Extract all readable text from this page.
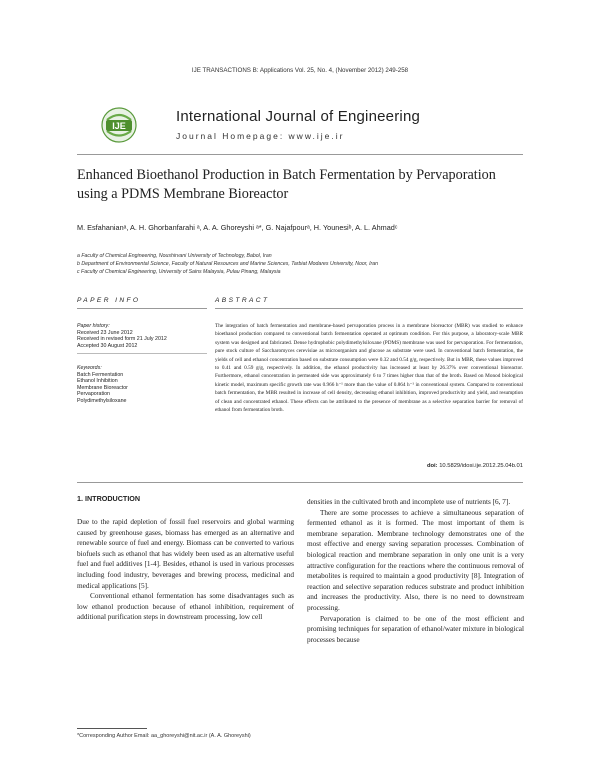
IJE TRANSACTIONS B: Applications Vol. 25, No. 4, (November 2012) 249-258
IJE
International Journal of Engineering
Journal Homepage: www.ije.ir
Enhanced Bioethanol Production in Batch Fermentation by Pervaporation using a PDMS Membrane Bioreactor
M. Esfahanianᵃ, A. H. Ghorbanfarahi ᵃ, A. A. Ghoreyshi ᵃ*, G. Najafpourᵃ, H. Younesiᵇ, A. L. Ahmadᶜ
a Faculty of Chemical Engineering, Noushirvani University of Technology, Babol, Iran
b Department of Environmental Science, Faculty of Natural Resources and Marine Sciences, Tarbiat Modares University, Noor, Iran
c Faculty of Chemical Engineering, University of Sains Malaysia, Pulau Pinang, Malaysia
PAPER INFO	ABSTRACT
Paper history:
Received 23 June 2012
Received in revised form 21 July 2012
Accepted 30 August 2012
Keywords:
Batch Fermentation
Ethanol Inhibition
Membrane Bioreactor
Pervaporation
Polydimethylsiloxane
The integration of batch fermentation and membrane-based pervaporation process in a membrane bioreactor (MBR) was studied to enhance bioethanol production compared to conventional batch fermentation operated at optimum condition. For this purpose, a laboratory-scale MBR system was designed and fabricated. Dense hydrophobic polydimethylsiloxane (PDMS) membrane was used for pervaporation. For fermentation, pure stock culture of Saccharomyces cerevisiae as microorganism and glucose as substrate were used. In conventional batch fermentation, the yields of cell and ethanol concentration based on substrate consumption were 0.32 and 0.54 g/g, respectively. But in MBR, these values improved to 0.41 and 0.59 g/g, respectively. In addition, the ethanol productivity has increased at least by 26.37% over conventional bioreactor. Furthermore, ethanol concentration in permeated side was approximately 6 to 7 times higher than that of the broth. Based on Monod biological kinetic model, maximum specific growth rate was 0.966 h⁻¹ more than the value of 0.864 h⁻¹ in conventional system. Compared to conventional batch fermentation, the MBR resulted in increase of cell density, decreasing ethanol inhibition, improved productivity and yield, and resumption of clean and concentrated ethanol. These effects can be attributed to the presence of membrane as a selective separation barrier for removal of ethanol from fermentation broth.
doi: 10.5829/idosi.ije.2012.25.04b.01
1. INTRODUCTION

Due to the rapid depletion of fossil fuel reservoirs and global warming caused by greenhouse gases, biomass has emerged as an alternative and renewable source of fuel and energy. Biomass can be converted to various biofuels such as ethanol that has widely been used as an alternative useful fuel and fuel additives [1-4]. Besides, ethanol is used in various processes including food industry, beverages and brewing process, medicinal and medical applications [5].

Conventional ethanol fermentation has some disadvantages such as low ethanol production because of ethanol inhibition, requirement of additional purification steps in downstream processing, low cell

densities in the cultivated broth and incomplete use of nutrients [6, 7].

There are some processes to achieve a simultaneous separation of fermented ethanol as it is formed. The most important of them is membrane separation. Membrane technology demonstrates one of the most effective and energy saving separation processes. Combination of biological reaction and membrane separation in only one unit is a very attractive configuration for the reactions where the continuous removal of metabolites is required to maintain a good productivity [8]. Integration of reaction and selective separation reduces substrate and product inhibition and increases the productivity. Also, there is no need to downstream processing.

Pervaporation is claimed to be one of the most efficient and promising techniques for separation of ethanol/water mixture in biological processes because

*Corresponding Author Email: aa_ghoreyshi@nit.ac.ir (A. A. Ghoreyshi)
